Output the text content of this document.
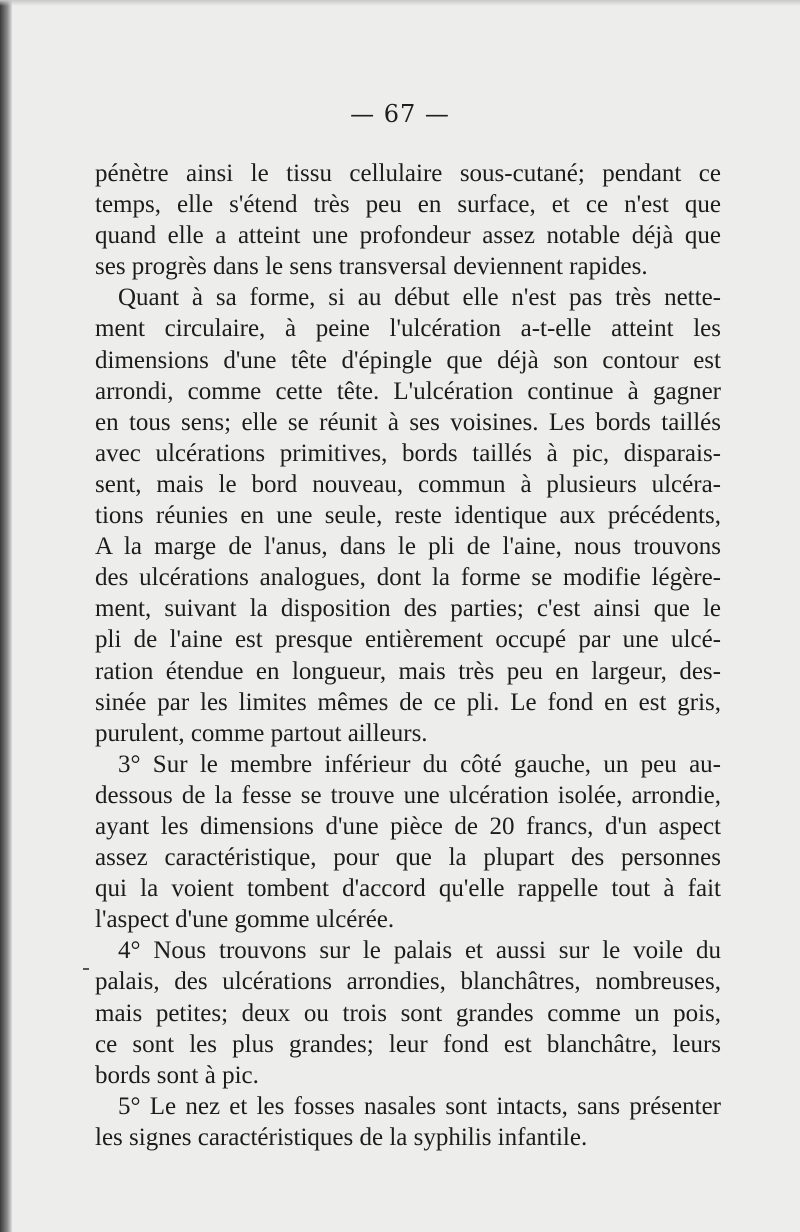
— 67 —

pénètre ainsi le tissu cellulaire sous-cutané; pendant ce
temps, elle s'étend très peu en surface, et ce n'est que
quand elle a atteint une profondeur assez notable déjà que
ses progrès dans le sens transversal deviennent rapides.

Quant à sa forme, si au début elle n'est pas très nette-
ment circulaire, à peine l'ulcération a-t-elle atteint les
dimensions d'une tête d'épingle que déjà son contour est
arrondi, comme cette tête. L'ulcération continue à gagner
en tous sens; elle se réunit à ses voisines. Les bords taillés
avec ulcérations primitives, bords taillés à pic, disparais-
sent, mais le bord nouveau, commun à plusieurs ulcéra-
tions réunies en une seule, reste identique aux précédents,
A la marge de l'anus, dans le pli de l'aine, nous trouvons
des ulcérations analogues, dont la forme se modifie légère-
ment, suivant la disposition des parties; c'est ainsi que le
pli de l'aine est presque entièrement occupé par une ulcé-
ration étendue en longueur, mais très peu en largeur, des-
sinée par les limites mêmes de ce pli. Le fond en est gris,
purulent, comme partout ailleurs.

3° Sur le membre inférieur du côté gauche, un peu au-
dessous de la fesse se trouve une ulcération isolée, arrondie,
ayant les dimensions d'une pièce de 20 francs, d'un aspect
assez caractéristique, pour que la plupart des personnes
qui la voient tombent d'accord qu'elle rappelle tout à fait
l'aspect d'une gomme ulcérée.

4° Nous trouvons sur le palais et aussi sur le voile du
palais, des ulcérations arrondies, blanchâtres, nombreuses,
mais petites; deux ou trois sont grandes comme un pois,
ce sont les plus grandes; leur fond est blanchâtre, leurs
bords sont à pic.

5° Le nez et les fosses nasales sont intacts, sans présenter
les signes caractéristiques de la syphilis infantile.
